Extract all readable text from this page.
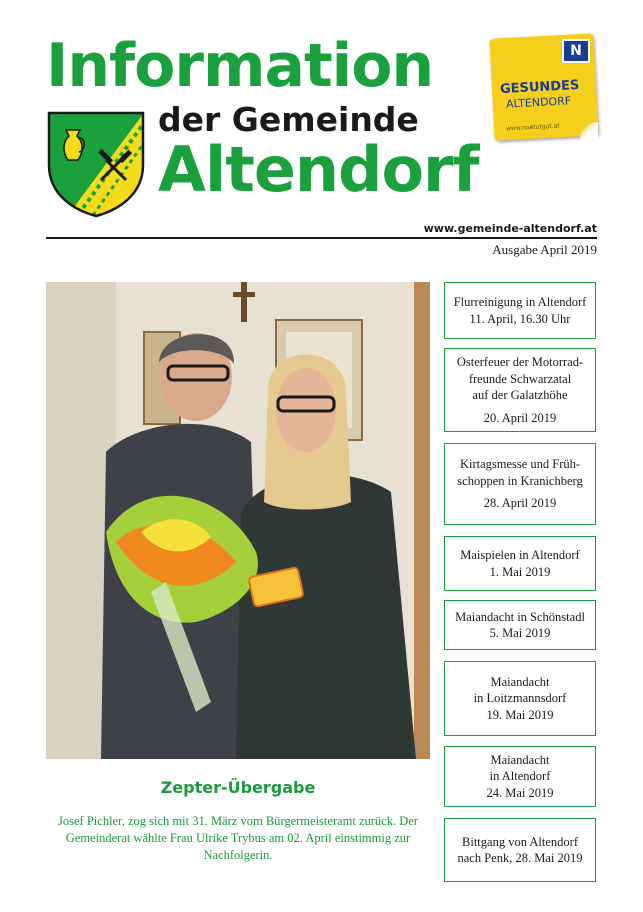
Information
der Gemeinde
Altendorf
N
GESUNDES
ALTENDORF
www.noetutgut.at
www.gemeinde-altendorf.at
Ausgabe April 2019
Zepter-Übergabe
Josef Pichler, zog sich mit 31. März vom Bürgermeisteramt zurück. Der Gemeinderat wählte Frau Ulrike Trybus am 02. April einstimmig zur Nachfolgerin.
Flurreinigung in Altendorf
11. April, 16.30 Uhr
Osterfeuer der Motorrad-
freunde Schwarzatal
auf der Galatzhöhe
20. April 2019
Kirtagsmesse und Früh-
schoppen in Kranichberg
28. April 2019
Maispielen in Altendorf
1. Mai 2019
Maiandacht in Schönstadl
5. Mai 2019
Maiandacht
in Loitzmannsdorf
19. Mai 2019
Maiandacht
in Altendorf
24. Mai 2019
Bittgang von Altendorf
nach Penk, 28. Mai 2019
